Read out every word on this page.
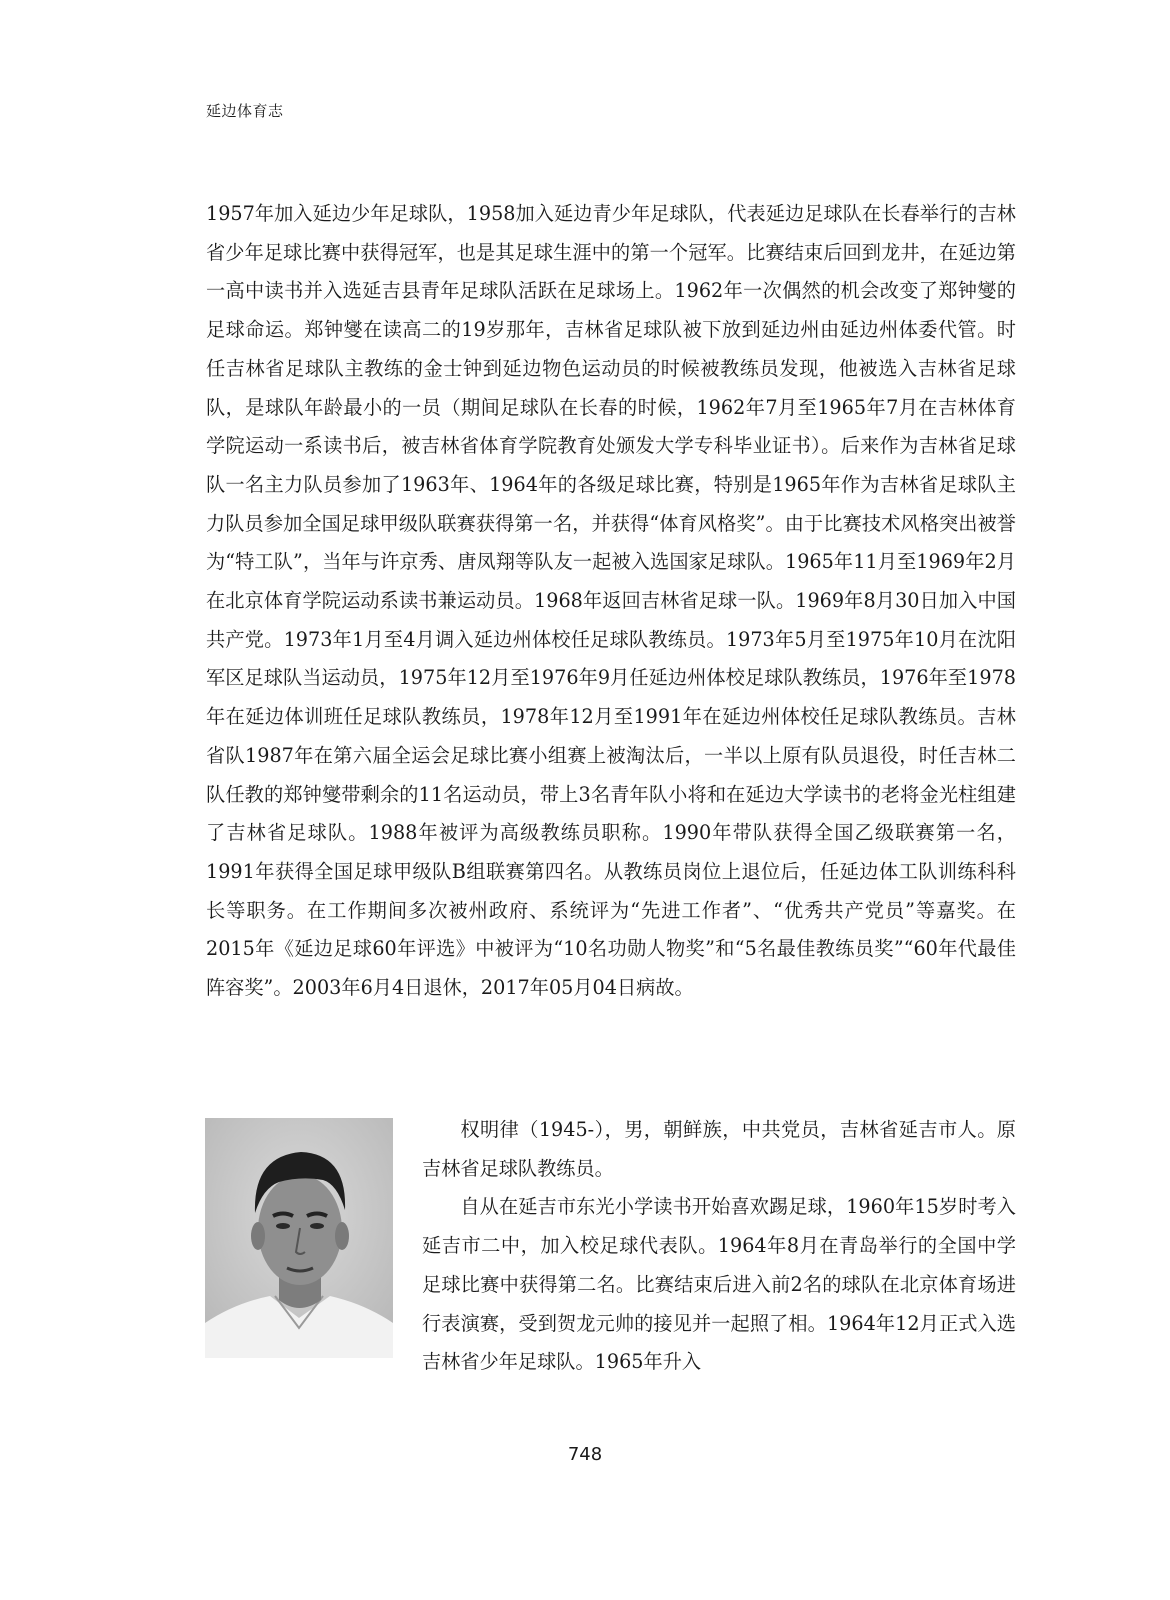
延边体育志

1957年加入延边少年足球队，1958加入延边青少年足球队，代表延边足球队在长春举行的吉林省少年足球比赛中获得冠军，也是其足球生涯中的第一个冠军。比赛结束后回到龙井，在延边第一高中读书并入选延吉县青年足球队活跃在足球场上。1962年一次偶然的机会改变了郑钟燮的足球命运。郑钟燮在读高二的19岁那年，吉林省足球队被下放到延边州由延边州体委代管。时任吉林省足球队主教练的金士钟到延边物色运动员的时候被教练员发现，他被选入吉林省足球队，是球队年龄最小的一员（期间足球队在长春的时候，1962年7月至1965年7月在吉林体育学院运动一系读书后，被吉林省体育学院教育处颁发大学专科毕业证书）。后来作为吉林省足球队一名主力队员参加了1963年、1964年的各级足球比赛，特别是1965年作为吉林省足球队主力队员参加全国足球甲级队联赛获得第一名，并获得“体育风格奖”。由于比赛技术风格突出被誉为“特工队”，当年与许京秀、唐凤翔等队友一起被入选国家足球队。1965年11月至1969年2月在北京体育学院运动系读书兼运动员。1968年返回吉林省足球一队。1969年8月30日加入中国共产党。1973年1月至4月调入延边州体校任足球队教练员。1973年5月至1975年10月在沈阳军区足球队当运动员，1975年12月至1976年9月任延边州体校足球队教练员，1976年至1978年在延边体训班任足球队教练员，1978年12月至1991年在延边州体校任足球队教练员。吉林省队1987年在第六届全运会足球比赛小组赛上被淘汰后，一半以上原有队员退役，时任吉林二队任教的郑钟燮带剩余的11名运动员，带上3名青年队小将和在延边大学读书的老将金光柱组建了吉林省足球队。1988年被评为高级教练员职称。1990年带队获得全国乙级联赛第一名，1991年获得全国足球甲级队B组联赛第四名。从教练员岗位上退位后，任延边体工队训练科科长等职务。在工作期间多次被州政府、系统评为“先进工作者”、“优秀共产党员”等嘉奖。在2015年《延边足球60年评选》中被评为“10名功勋人物奖”和“5名最佳教练员奖”“60年代最佳阵容奖”。2003年6月4日退休，2017年05月04日病故。

权明律（1945-），男，朝鲜族，中共党员，吉林省延吉市人。原吉林省足球队教练员。

自从在延吉市东光小学读书开始喜欢踢足球，1960年15岁时考入延吉市二中，加入校足球代表队。1964年8月在青岛举行的全国中学足球比赛中获得第二名。比赛结束后进入前2名的球队在北京体育场进行表演赛，受到贺龙元帅的接见并一起照了相。1964年12月正式入选吉林省少年足球队。1965年升入

748
